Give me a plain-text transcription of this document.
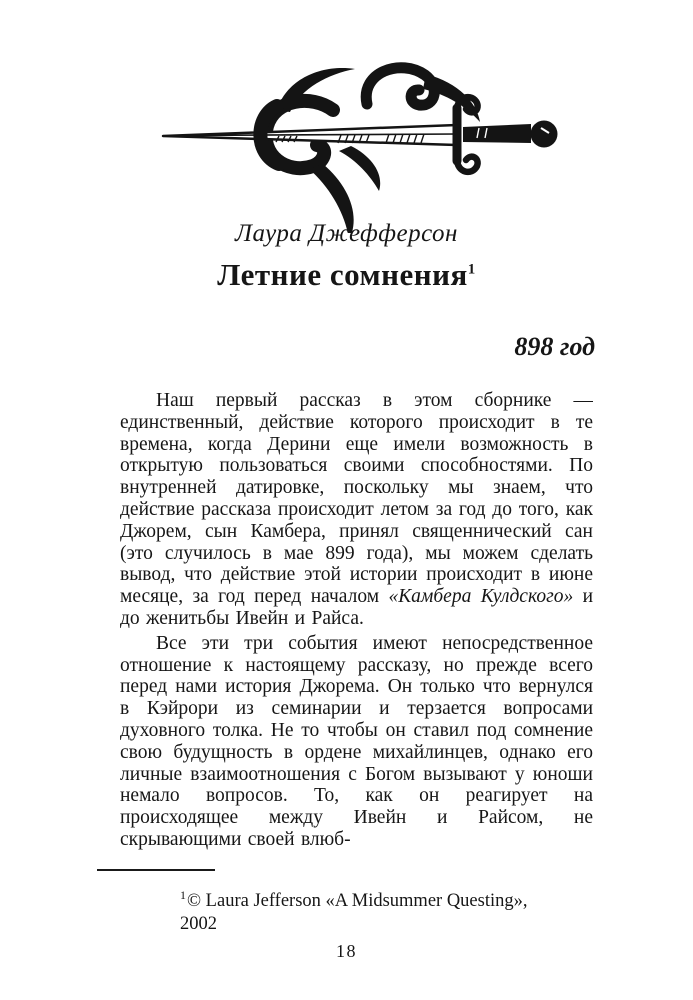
Лаура Джефферсон
Летние сомнения$^1$
898 год

Наш первый рассказ в этом сборнике — единственный, действие которого происходит в те времена, когда Дерини еще имели возможность в открытую пользоваться своими способностями. По внутренней датировке, поскольку мы знаем, что действие рассказа происходит летом за год до того, как Джорем, сын Камбера, принял священнический сан (это случилось в мае 899 года), мы можем сделать вывод, что действие этой истории происходит в июне месяце, за год перед началом «Камбера Кулдского» и до женитьбы Ивейн и Райса.

Все эти три события имеют непосредственное отношение к настоящему рассказу, но прежде всего перед нами история Джорема. Он только что вернулся в Кэйрори из семинарии и терзается вопросами духовного толка. Не то чтобы он ставил под сомнение свою будущность в ордене михайлинцев, однако его личные взаимоотношения с Богом вызывают у юноши немало вопросов. То, как он реагирует на происходящее между Ивейн и Райсом, не скрывающими своей влюб-

$^1$© Laura Jefferson «A Midsummer Questing», 2002
18
